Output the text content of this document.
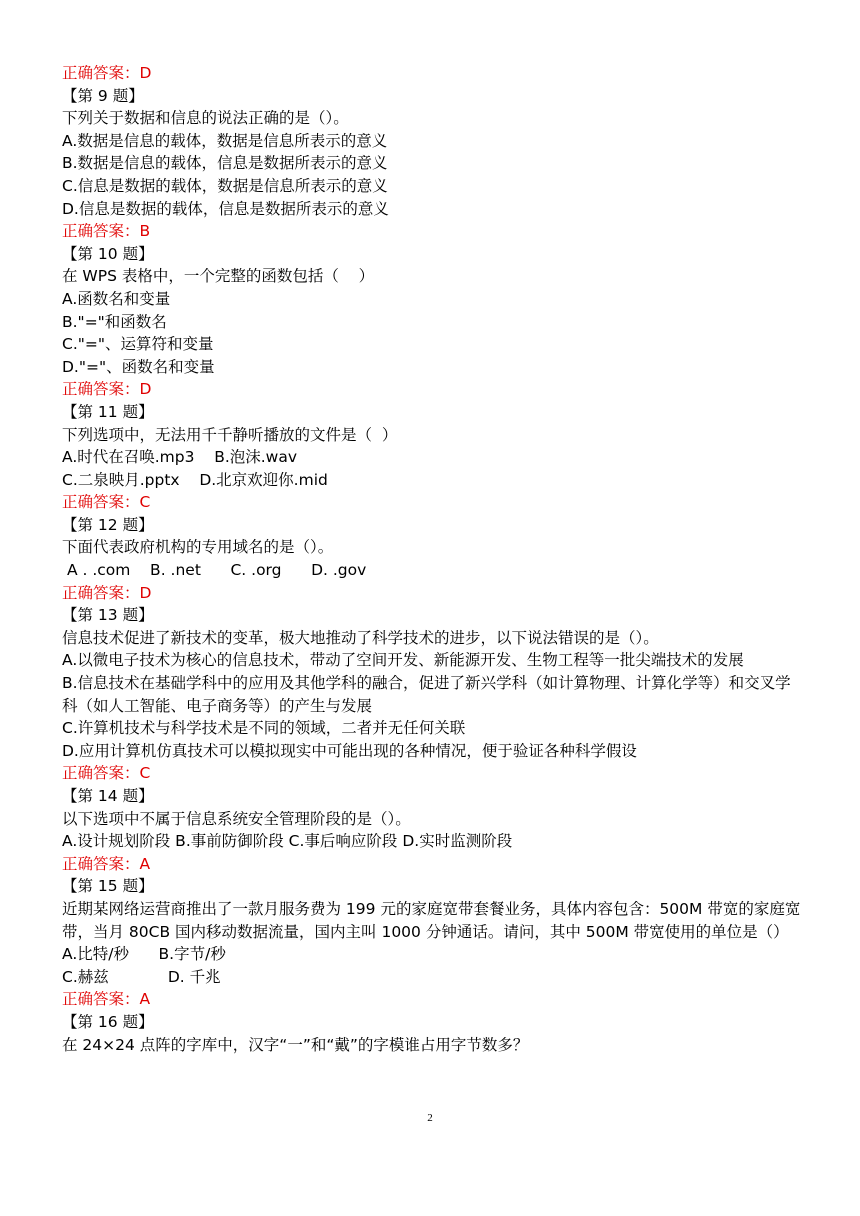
正确答案：D
【第 9 题】
下列关于数据和信息的说法正确的是（）。
A.数据是信息的载体，数据是信息所表示的意义
B.数据是信息的载体，信息是数据所表示的意义
C.信息是数据的载体，数据是信息所表示的意义
D.信息是数据的载体，信息是数据所表示的意义
正确答案：B
【第 10 题】
在 WPS 表格中，一个完整的函数包括（    ）
A.函数名和变量
B."="和函数名
C."="、运算符和变量
D."="、函数名和变量
正确答案：D
【第 11 题】
下列选项中，无法用千千静听播放的文件是（  ）
A.时代在召唤.mp3    B.泡沫.wav
C.二泉映月.pptx    D.北京欢迎你.mid
正确答案：C
【第 12 题】
下面代表政府机构的专用域名的是（）。
A . .com    B. .net      C. .org      D. .gov
正确答案：D
【第 13 题】
信息技术促进了新技术的变革，极大地推动了科学技术的进步，以下说法错误的是（）。
A.以微电子技术为核心的信息技术，带动了空间开发、新能源开发、生物工程等一批尖端技术的发展
B.信息技术在基础学科中的应用及其他学科的融合，促进了新兴学科（如计算物理、计算化学等）和交叉学科（如人工智能、电子商务等）的产生与发展
C.许算机技术与科学技术是不同的领域，二者并无任何关联
D.应用计算机仿真技术可以模拟现实中可能出现的各种情况，便于验证各种科学假设
正确答案：C
【第 14 题】
以下选项中不属于信息系统安全管理阶段的是（）。
A.设计规划阶段 B.事前防御阶段 C.事后响应阶段 D.实时监测阶段
正确答案：A
【第 15 题】
近期某网络运营商推出了一款月服务费为 199 元的家庭宽带套餐业务，具体内容包含：500M 带宽的家庭宽带，当月 80CB 国内移动数据流量，国内主叫 1000 分钟通话。请问，其中 500M 带宽使用的单位是（）
A.比特/秒      B.字节/秒
C.赫兹            D. 千兆
正确答案：A
【第 16 题】
在 24×24 点阵的字库中，汉字“一”和“戴”的字模谁占用字节数多？
2
